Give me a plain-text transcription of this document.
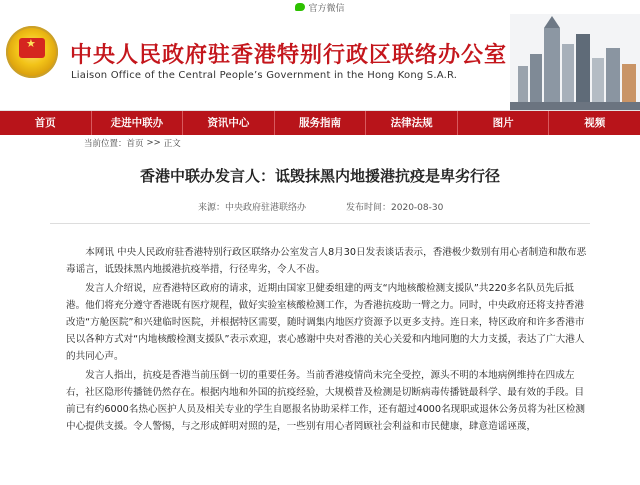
官方微信
★ 中央人民政府驻香港特别行政区联络办公室
Liaison Office of the Central People’s Government in the Hong Kong S.A.R.
首页	走进中联办	资讯中心	服务指南	法律法规	图片	视频
当前位置： 首页 >> 正文
香港中联办发言人：诋毁抹黑内地援港抗疫是卑劣行径
来源：中央政府驻港联络办	发布时间：2020-08-30

本网讯 中央人民政府驻香港特别行政区联络办公室发言人8月30日发表谈话表示，香港极少数别有用心者制造和散布恶毒谣言，诋毁抹黑内地援港抗疫举措，行径卑劣，令人不齿。

发言人介绍说，应香港特区政府的请求，近期由国家卫健委组建的两支“内地核酸检测支援队”共220多名队员先后抵港。他们将充分遵守香港既有医疗规程，做好实验室核酸检测工作，为香港抗疫助一臂之力。同时，中央政府还将支持香港改造“方舱医院”和兴建临时医院，并根据特区需要，随时调集内地医疗资源予以更多支持。连日来，特区政府和许多香港市民以各种方式对“内地核酸检测支援队”表示欢迎，衷心感谢中央对香港的关心关爱和内地同胞的大力支援，表达了广大港人的共同心声。

发言人指出，抗疫是香港当前压倒一切的重要任务。当前香港疫情尚未完全受控，源头不明的本地病例维持在四成左右，社区隐形传播链仍然存在。根据内地和外国的抗疫经验，大规模普及检测是切断病毒传播链最科学、最有效的手段。目前已有约6000名热心医护人员及相关专业的学生自愿报名协助采样工作，还有超过4000名现职或退休公务员将为社区检测中心提供支援。令人警惕，与之形成鲜明对照的是，一些别有用心者罔顾社会利益和市民健康，肆意造谣诬蔑，
